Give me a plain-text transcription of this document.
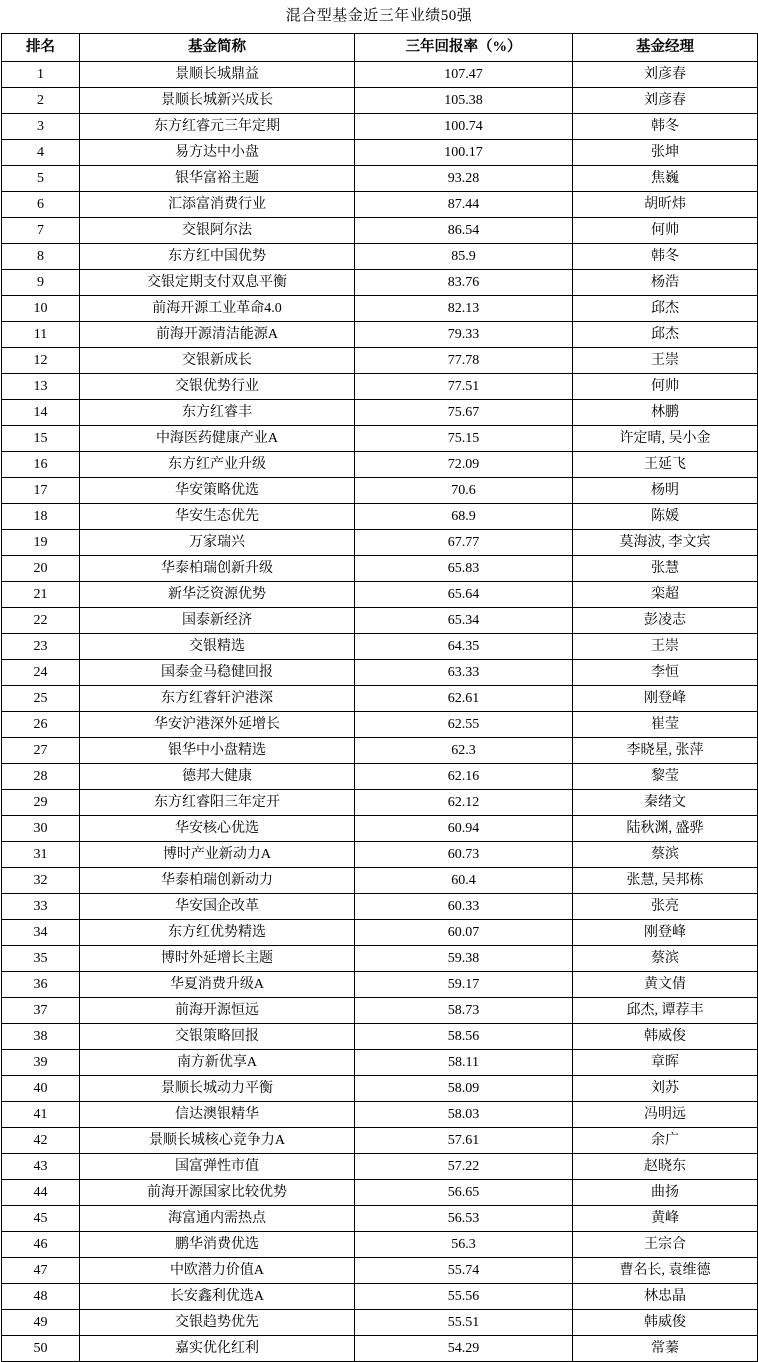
混合型基金近三年业绩50强
排名	基金简称	三年回报率（%）	基金经理
1	景顺长城鼎益	107.47	刘彦春
2	景顺长城新兴成长	105.38	刘彦春
3	东方红睿元三年定期	100.74	韩冬
4	易方达中小盘	100.17	张坤
5	银华富裕主题	93.28	焦巍
6	汇添富消费行业	87.44	胡昕炜
7	交银阿尔法	86.54	何帅
8	东方红中国优势	85.9	韩冬
9	交银定期支付双息平衡	83.76	杨浩
10	前海开源工业革命4.0	82.13	邱杰
11	前海开源清洁能源A	79.33	邱杰
12	交银新成长	77.78	王崇
13	交银优势行业	77.51	何帅
14	东方红睿丰	75.67	林鹏
15	中海医药健康产业A	75.15	许定晴, 吴小金
16	东方红产业升级	72.09	王延飞
17	华安策略优选	70.6	杨明
18	华安生态优先	68.9	陈媛
19	万家瑞兴	67.77	莫海波, 李文宾
20	华泰柏瑞创新升级	65.83	张慧
21	新华泛资源优势	65.64	栾超
22	国泰新经济	65.34	彭凌志
23	交银精选	64.35	王崇
24	国泰金马稳健回报	63.33	李恒
25	东方红睿轩沪港深	62.61	刚登峰
26	华安沪港深外延增长	62.55	崔莹
27	银华中小盘精选	62.3	李晓星, 张萍
28	德邦大健康	62.16	黎莹
29	东方红睿阳三年定开	62.12	秦绪文
30	华安核心优选	60.94	陆秋渊, 盛骅
31	博时产业新动力A	60.73	蔡滨
32	华泰柏瑞创新动力	60.4	张慧, 吴邦栋
33	华安国企改革	60.33	张亮
34	东方红优势精选	60.07	刚登峰
35	博时外延增长主题	59.38	蔡滨
36	华夏消费升级A	59.17	黄文倩
37	前海开源恒远	58.73	邱杰, 谭荐丰
38	交银策略回报	58.56	韩威俊
39	南方新优享A	58.11	章晖
40	景顺长城动力平衡	58.09	刘苏
41	信达澳银精华	58.03	冯明远
42	景顺长城核心竞争力A	57.61	余广
43	国富弹性市值	57.22	赵晓东
44	前海开源国家比较优势	56.65	曲扬
45	海富通内需热点	56.53	黄峰
46	鹏华消费优选	56.3	王宗合
47	中欧潜力价值A	55.74	曹名长, 袁维德
48	长安鑫利优选A	55.56	林忠晶
49	交银趋势优先	55.51	韩威俊
50	嘉实优化红利	54.29	常蓁
